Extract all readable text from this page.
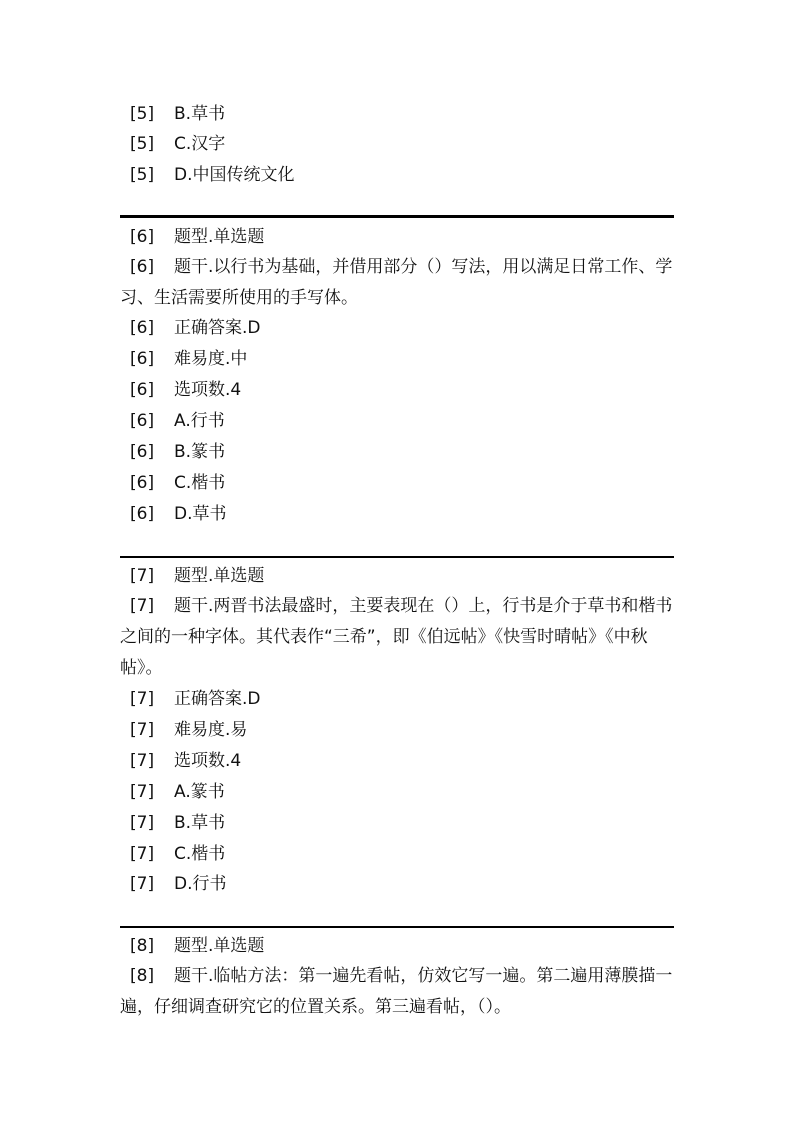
[5] B.草书
[5] C.汉字
[5] D.中国传统文化
[6] 题型.单选题
[6] 题干.以行书为基础，并借用部分（）写法，用以满足日常工作、学习、生活需要所使用的手写体。
[6] 正确答案.D
[6] 难易度.中
[6] 选项数.4
[6] A.行书
[6] B.篆书
[6] C.楷书
[6] D.草书
[7] 题型.单选题
[7] 题干.两晋书法最盛时，主要表现在（）上，行书是介于草书和楷书之间的一种字体。其代表作“三希”，即《伯远帖》《快雪时晴帖》《中秋帖》。
[7] 正确答案.D
[7] 难易度.易
[7] 选项数.4
[7] A.篆书
[7] B.草书
[7] C.楷书
[7] D.行书
[8] 题型.单选题
[8] 题干.临帖方法：第一遍先看帖，仿效它写一遍。第二遍用薄膜描一遍，仔细调查研究它的位置关系。第三遍看帖，（）。
